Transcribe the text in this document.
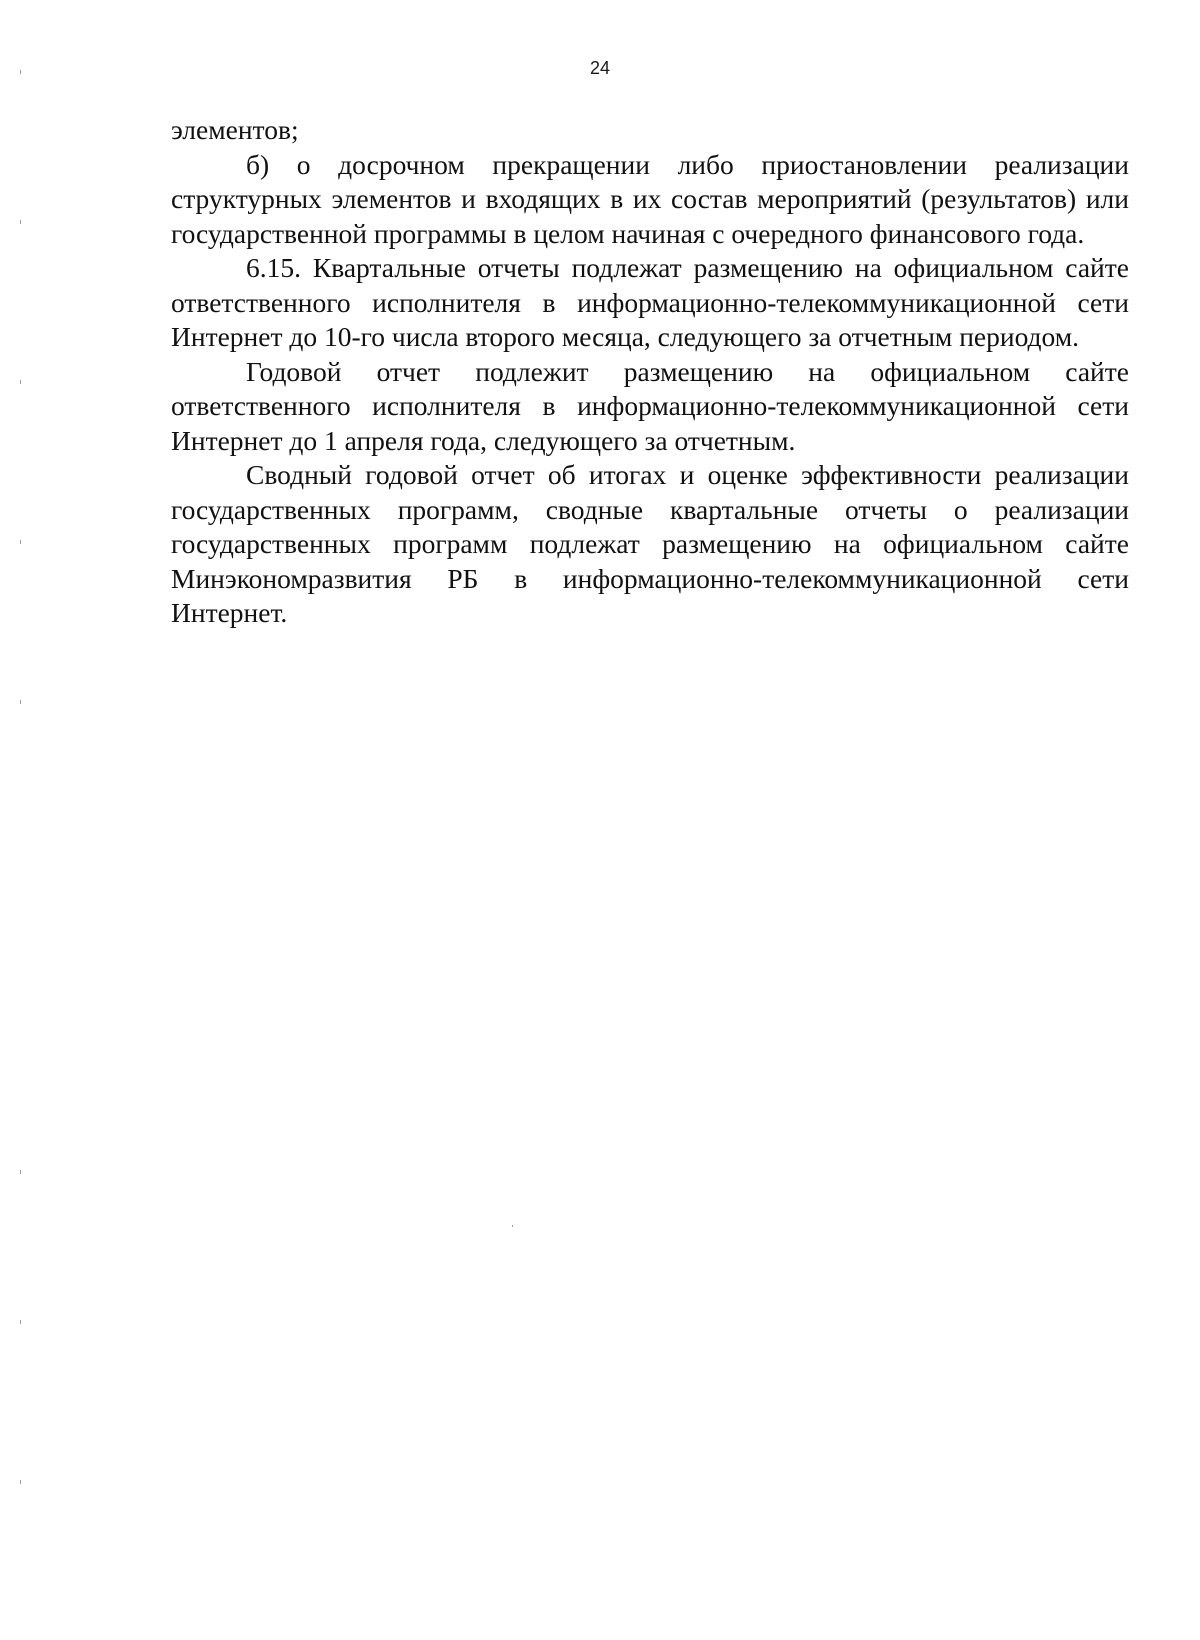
24

элементов;

б) о досрочном прекращении либо приостановлении реализации структурных элементов и входящих в их состав мероприятий (результатов) или государственной программы в целом начиная с очередного финансового года.

6.15. Квартальные отчеты подлежат размещению на официальном сайте ответственного исполнителя в информационно-телекоммуникационной сети Интернет до 10-го числа второго месяца, следующего за отчетным периодом.

Годовой отчет подлежит размещению на официальном сайте ответственного исполнителя в информационно-телекоммуникационной сети Интернет до 1 апреля года, следующего за отчетным.

Сводный годовой отчет об итогах и оценке эффективности реализации государственных программ, сводные квартальные отчеты о реализации государственных программ подлежат размещению на официальном сайте Минэкономразвития РБ в информационно-телекоммуникационной сети Интернет.
